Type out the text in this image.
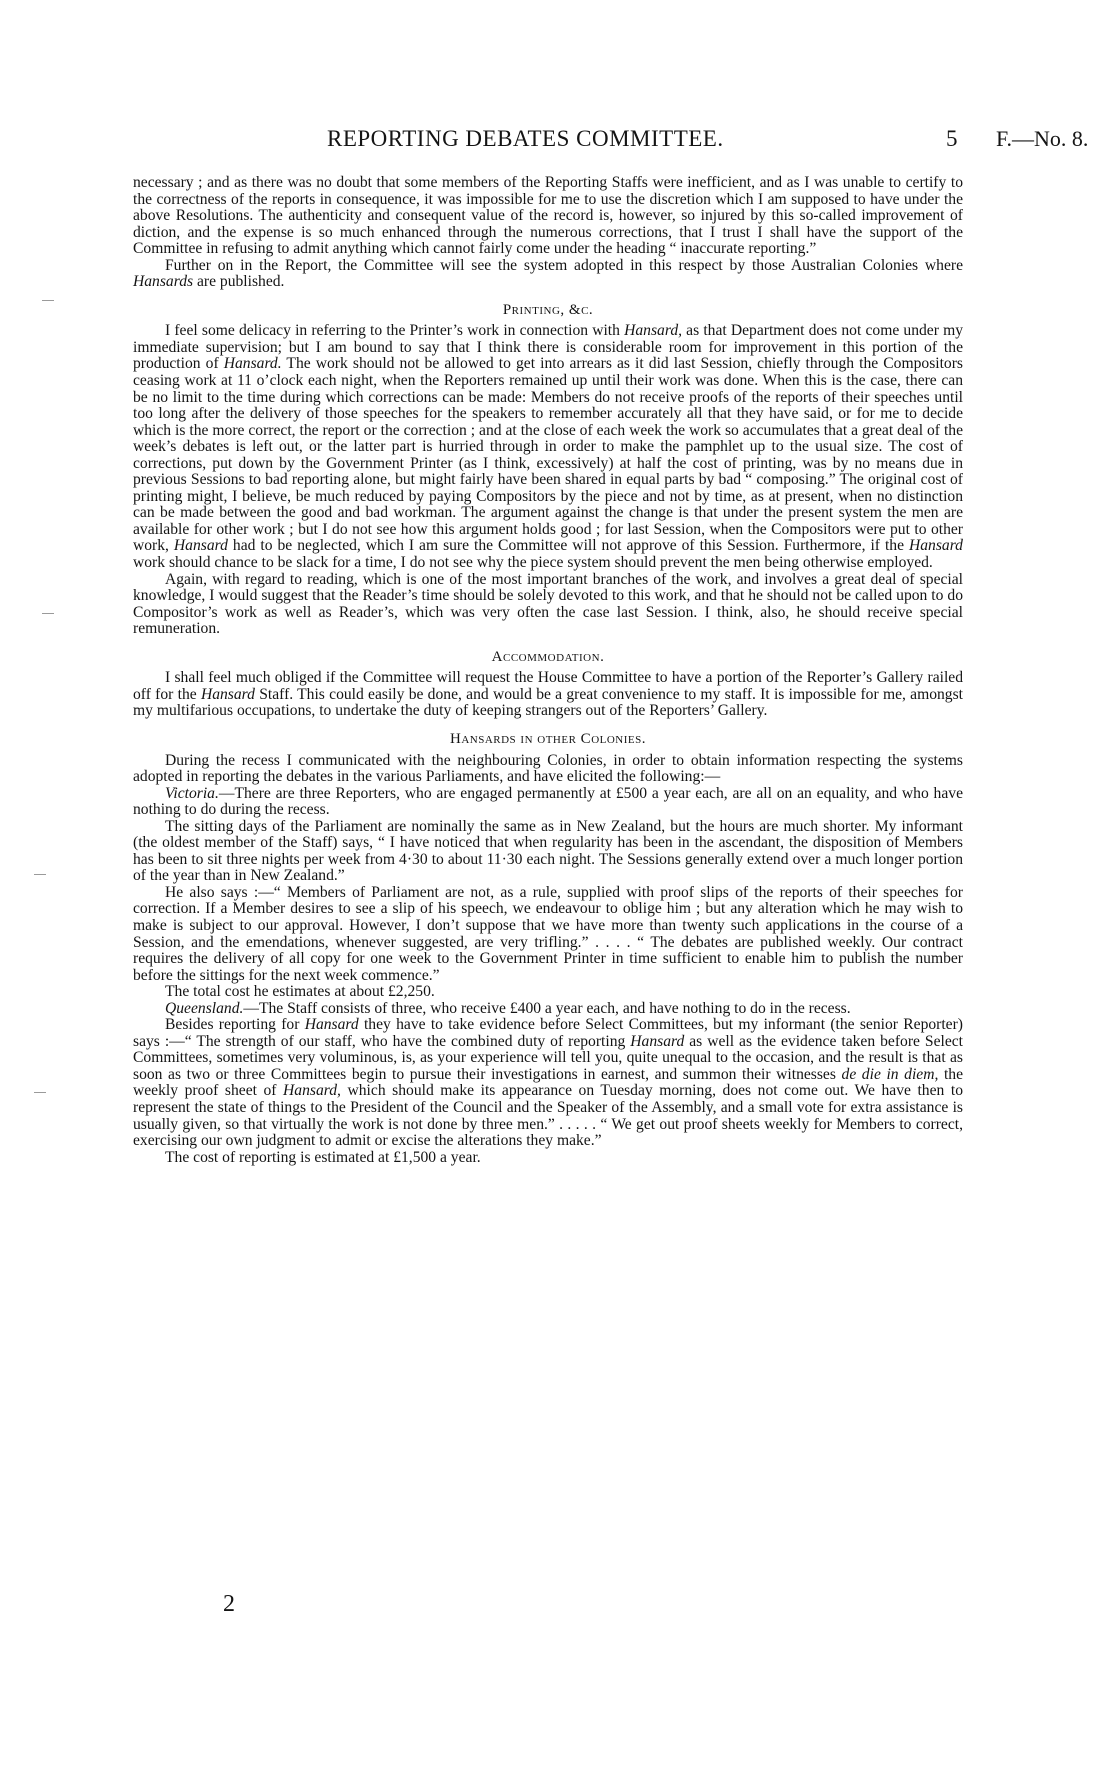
REPORTING DEBATES COMMITTEE.	5 F.—No. 8.

necessary ; and as there was no doubt that some members of the Reporting Staffs were inefficient, and as I was unable to certify to the correctness of the reports in consequence, it was impossible for me to use the discretion which I am supposed to have under the above Resolutions. The authenticity and consequent value of the record is, however, so injured by this so-called improvement of diction, and the expense is so much enhanced through the numerous corrections, that I trust I shall have the support of the Committee in refusing to admit anything which cannot fairly come under the heading “ inaccurate reporting.”

Further on in the Report, the Committee will see the system adopted in this respect by those Australian Colonies where Hansards are published.

Printing, &c.

I feel some delicacy in referring to the Printer’s work in connection with Hansard, as that Department does not come under my immediate supervision; but I am bound to say that I think there is considerable room for improvement in this portion of the production of Hansard. The work should not be allowed to get into arrears as it did last Session, chiefly through the Compositors ceasing work at 11 o’clock each night, when the Reporters remained up until their work was done. When this is the case, there can be no limit to the time during which corrections can be made: Members do not receive proofs of the reports of their speeches until too long after the delivery of those speeches for the speakers to remember accurately all that they have said, or for me to decide which is the more correct, the report or the correction ; and at the close of each week the work so accumulates that a great deal of the week’s debates is left out, or the latter part is hurried through in order to make the pamphlet up to the usual size. The cost of corrections, put down by the Government Printer (as I think, excessively) at half the cost of printing, was by no means due in previous Sessions to bad reporting alone, but might fairly have been shared in equal parts by bad “ composing.” The original cost of printing might, I believe, be much reduced by paying Compositors by the piece and not by time, as at present, when no distinction can be made between the good and bad workman. The argument against the change is that under the present system the men are available for other work ; but I do not see how this argument holds good ; for last Session, when the Compositors were put to other work, Hansard had to be neglected, which I am sure the Committee will not approve of this Session. Furthermore, if the Hansard work should chance to be slack for a time, I do not see why the piece system should prevent the men being otherwise employed.

Again, with regard to reading, which is one of the most important branches of the work, and involves a great deal of special knowledge, I would suggest that the Reader’s time should be solely devoted to this work, and that he should not be called upon to do Compositor’s work as well as Reader’s, which was very often the case last Session. I think, also, he should receive special remuneration.

Accommodation.

I shall feel much obliged if the Committee will request the House Committee to have a portion of the Reporter’s Gallery railed off for the Hansard Staff. This could easily be done, and would be a great convenience to my staff. It is impossible for me, amongst my multifarious occupations, to undertake the duty of keeping strangers out of the Reporters’ Gallery.

Hansards in other Colonies.

During the recess I communicated with the neighbouring Colonies, in order to obtain information respecting the systems adopted in reporting the debates in the various Parliaments, and have elicited the following:—

Victoria.—There are three Reporters, who are engaged permanently at £500 a year each, are all on an equality, and who have nothing to do during the recess.

The sitting days of the Parliament are nominally the same as in New Zealand, but the hours are much shorter. My informant (the oldest member of the Staff) says, “ I have noticed that when regularity has been in the ascendant, the disposition of Members has been to sit three nights per week from 4·30 to about 11·30 each night. The Sessions generally extend over a much longer portion of the year than in New Zealand.”

He also says :—“ Members of Parliament are not, as a rule, supplied with proof slips of the reports of their speeches for correction. If a Member desires to see a slip of his speech, we endeavour to oblige him ; but any alteration which he may wish to make is subject to our approval. However, I don’t suppose that we have more than twenty such applications in the course of a Session, and the emendations, whenever suggested, are very trifling.” . . . . “ The debates are published weekly. Our contract requires the delivery of all copy for one week to the Government Printer in time sufficient to enable him to publish the number before the sittings for the next week commence.”

The total cost he estimates at about £2,250.

Queensland.—The Staff consists of three, who receive £400 a year each, and have nothing to do in the recess.

Besides reporting for Hansard they have to take evidence before Select Committees, but my informant (the senior Reporter) says :—“ The strength of our staff, who have the combined duty of reporting Hansard as well as the evidence taken before Select Committees, sometimes very voluminous, is, as your experience will tell you, quite unequal to the occasion, and the result is that as soon as two or three Committees begin to pursue their investigations in earnest, and summon their witnesses de die in diem, the weekly proof sheet of Hansard, which should make its appearance on Tuesday morning, does not come out. We have then to represent the state of things to the President of the Council and the Speaker of the Assembly, and a small vote for extra assistance is usually given, so that virtually the work is not done by three men.” . . . . . “ We get out proof sheets weekly for Members to correct, exercising our own judgment to admit or excise the alterations they make.”

The cost of reporting is estimated at £1,500 a year.

2
